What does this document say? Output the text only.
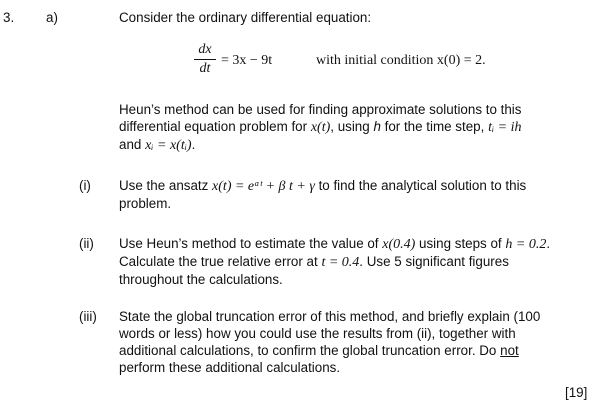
3. a)	Consider the ordinary differential equation:
dx
dt
= 3x − 9t	with initial condition x(0) = 2.
Heun’s method can be used for finding approximate solutions to this
differential equation problem for x(t), using h for the time step, tᵢ = ih
and xᵢ = x(tᵢ).
(i) Use the ansatz x(t) = eᵅᵗ + β t + γ to find the analytical solution to this
problem.
(ii) Use Heun’s method to estimate the value of x(0.4) using steps of h = 0.2.
Calculate the true relative error at t = 0.4. Use 5 significant figures
throughout the calculations.
(iii) State the global truncation error of this method, and briefly explain (100
words or less) how you could use the results from (ii), together with
additional calculations, to confirm the global truncation error. Do not
perform these additional calculations.
[19]
